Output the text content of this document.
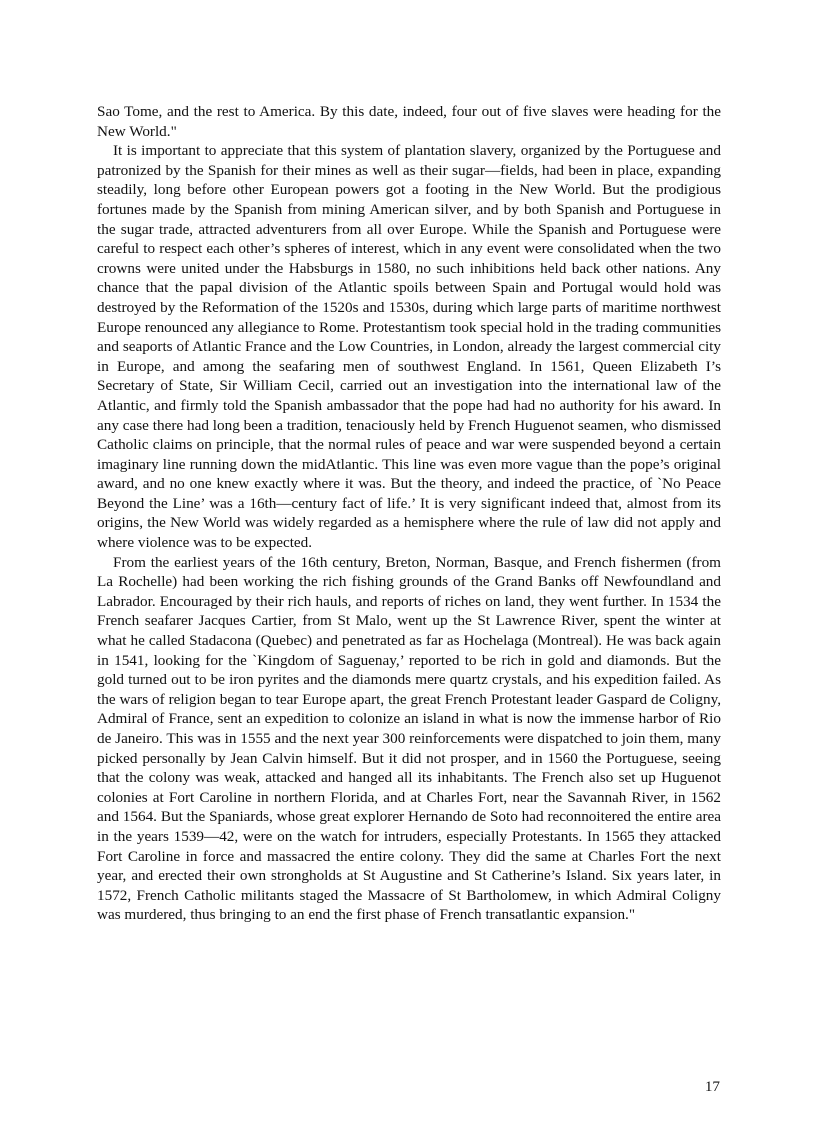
Sao Tome, and the rest to America. By this date, indeed, four out of five slaves were heading for the New World."

It is important to appreciate that this system of plantation slavery, organized by the Portuguese and patronized by the Spanish for their mines as well as their sugar—fields, had been in place, expanding steadily, long before other European powers got a footing in the New World. But the prodigious fortunes made by the Spanish from mining American silver, and by both Spanish and Portuguese in the sugar trade, attracted adventurers from all over Europe. While the Spanish and Portuguese were careful to respect each other’s spheres of interest, which in any event were consolidated when the two crowns were united under the Habsburgs in 1580, no such inhibitions held back other nations. Any chance that the papal division of the Atlantic spoils between Spain and Portugal would hold was destroyed by the Reformation of the 1520s and 1530s, during which large parts of maritime northwest Europe renounced any allegiance to Rome. Protestantism took special hold in the trading communities and seaports of Atlantic France and the Low Countries, in London, already the largest commercial city in Europe, and among the seafaring men of southwest England. In 1561, Queen Elizabeth I’s Secretary of State, Sir William Cecil, carried out an investigation into the international law of the Atlantic, and firmly told the Spanish ambassador that the pope had had no authority for his award. In any case there had long been a tradition, tenaciously held by French Huguenot seamen, who dismissed Catholic claims on principle, that the normal rules of peace and war were suspended beyond a certain imaginary line running down the midAtlantic. This line was even more vague than the pope’s original award, and no one knew exactly where it was. But the theory, and indeed the practice, of `No Peace Beyond the Line’ was a 16th—century fact of life.’ It is very significant indeed that, almost from its origins, the New World was widely regarded as a hemisphere where the rule of law did not apply and where violence was to be expected.

From the earliest years of the 16th century, Breton, Norman, Basque, and French fishermen (from La Rochelle) had been working the rich fishing grounds of the Grand Banks off Newfoundland and Labrador. Encouraged by their rich hauls, and reports of riches on land, they went further. In 1534 the French seafarer Jacques Cartier, from St Malo, went up the St Lawrence River, spent the winter at what he called Stadacona (Quebec) and penetrated as far as Hochelaga (Montreal). He was back again in 1541, looking for the `Kingdom of Saguenay,’ reported to be rich in gold and diamonds. But the gold turned out to be iron pyrites and the diamonds mere quartz crystals, and his expedition failed. As the wars of religion began to tear Europe apart, the great French Protestant leader Gaspard de Coligny, Admiral of France, sent an expedition to colonize an island in what is now the immense harbor of Rio de Janeiro. This was in 1555 and the next year 300 reinforcements were dispatched to join them, many picked personally by Jean Calvin himself. But it did not prosper, and in 1560 the Portuguese, seeing that the colony was weak, attacked and hanged all its inhabitants. The French also set up Huguenot colonies at Fort Caroline in northern Florida, and at Charles Fort, near the Savannah River, in 1562 and 1564. But the Spaniards, whose great explorer Hernando de Soto had reconnoitered the entire area in the years 1539—42, were on the watch for intruders, especially Protestants. In 1565 they attacked Fort Caroline in force and massacred the entire colony. They did the same at Charles Fort the next year, and erected their own strongholds at St Augustine and St Catherine’s Island. Six years later, in 1572, French Catholic militants staged the Massacre of St Bartholomew, in which Admiral Coligny was murdered, thus bringing to an end the first phase of French transatlantic expansion."

17
